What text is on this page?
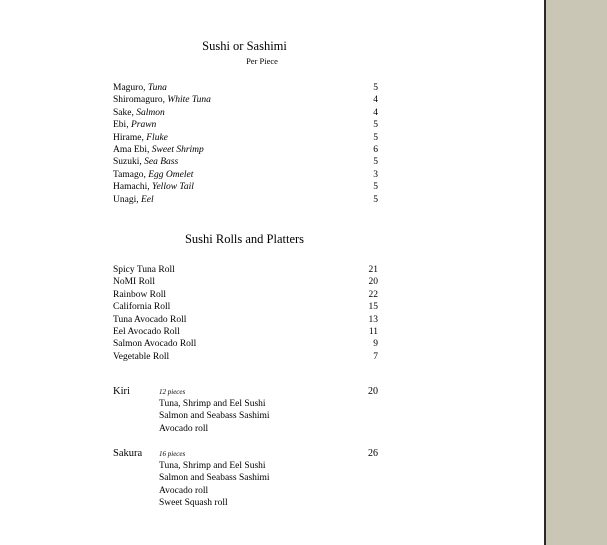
Sushi or Sashimi
Per Piece
Maguro, Tuna	5
Shiromaguro, White Tuna	4
Sake, Salmon	4
Ebi, Prawn	5
Hirame, Fluke	5
Ama Ebi, Sweet Shrimp	6
Suzuki, Sea Bass	5
Tamago, Egg Omelet	3
Hamachi, Yellow Tail	5
Unagi, Eel	5
Sushi Rolls and Platters
Spicy Tuna Roll	21
NoMI Roll	20
Rainbow Roll	22
California Roll	15
Tuna Avocado Roll	13
Eel Avocado Roll	11
Salmon Avocado Roll	9
Vegetable Roll	7
Kiri	12 pieces	20
Tuna, Shrimp and Eel Sushi
Salmon and Seabass Sashimi
Avocado roll
Sakura 16 pieces	26
Tuna, Shrimp and Eel Sushi
Salmon and Seabass Sashimi
Avocado roll
Sweet Squash roll
